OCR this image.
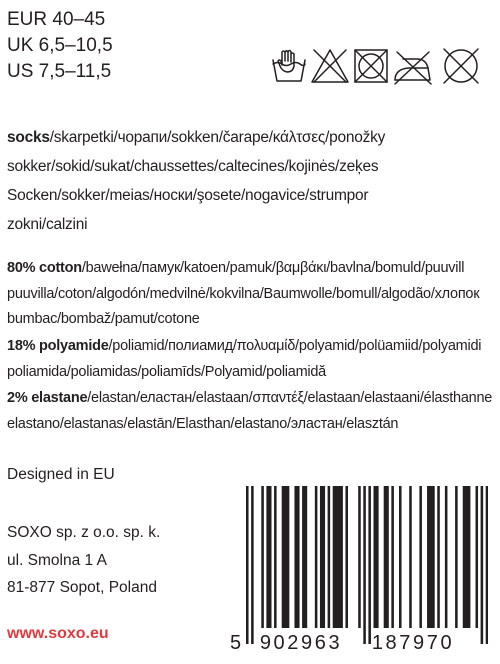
EUR 40–45
UK 6,5–10,5
US 7,5–11,5

socks/skarpetki/чорапи/sokken/čarape/κάλτσες/ponožky

sokker/sokid/sukat/chaussettes/caltecines/kojinės/zeķes

Socken/sokker/meias/носки/şosete/nogavice/strumpor

zokni/calzini

80% cotton/bawełna/памук/katoen/pamuk/βαμβάκι/bavlna/bomuld/puuvill

puuvilla/coton/algodón/medvilnė/kokvilna/Baumwolle/bomull/algodão/хлопок

bumbac/bombaž/pamut/cotone

18% polyamide/poliamid/полиамид/πολυαμίδ/polyamid/polüamiid/polyamidi

poliamida/poliamidas/poliamīds/Polyamid/poliamidă

2% elastane/elastan/еластан/elastaan/σπαντέξ/elastaan/elastaani/élasthanne

elastano/elastanas/elastān/Elasthan/elastano/эластан/elasztán

Designed in EU
SOXO sp. z o.o. sp. k.
ul. Smolna 1 A
81-877 Sopot, Poland
www.soxo.eu	5 902963 187970
